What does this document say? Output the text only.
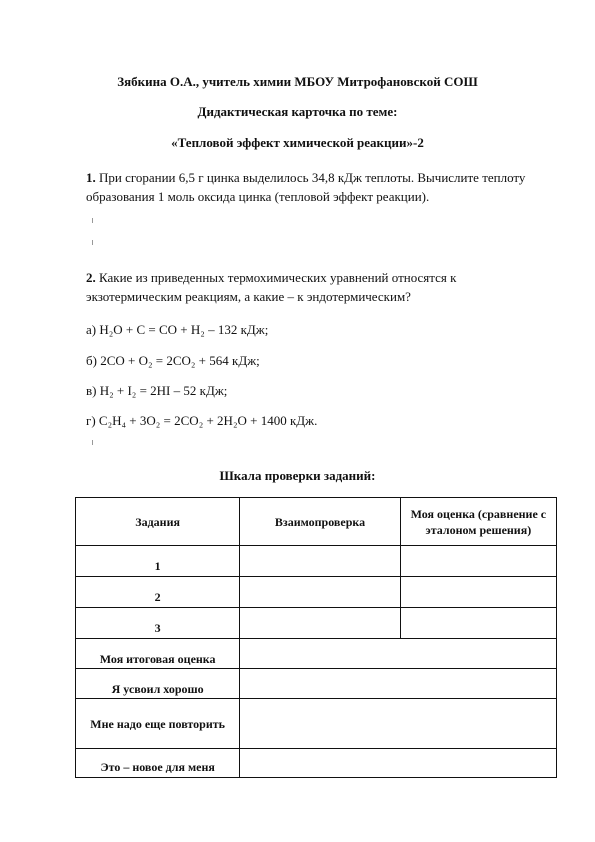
Зябкина О.А., учитель химии МБОУ Митрофановской СОШ
Дидактическая карточка по теме:
«Тепловой эффект химической реакции»-2
1. При сгорании 6,5 г цинка выделилось 34,8 кДж теплоты. Вычислите теплоту образования 1 моль оксида цинка (тепловой эффект реакции).
2. Какие из приведенных термохимических уравнений относятся к экзотермическим реакциям, а какие – к эндотермическим?
а) H₂O + C = CO + H₂ – 132 кДж;
б) 2CO + O₂ = 2CO₂ + 564 кДж;
в) H₂ + I₂ = 2HI – 52 кДж;
г) C₂H₄ + 3O₂ = 2CO₂ + 2H₂O + 1400 кДж.
Шкала проверки заданий:
Задания	Взаимопроверка	Моя оценка (сравнение с эталоном решения)
1		
2		
3		
Моя итоговая оценка		
Я усвоил хорошо		
Мне надо еще повторить		
Это – новое для меня		
